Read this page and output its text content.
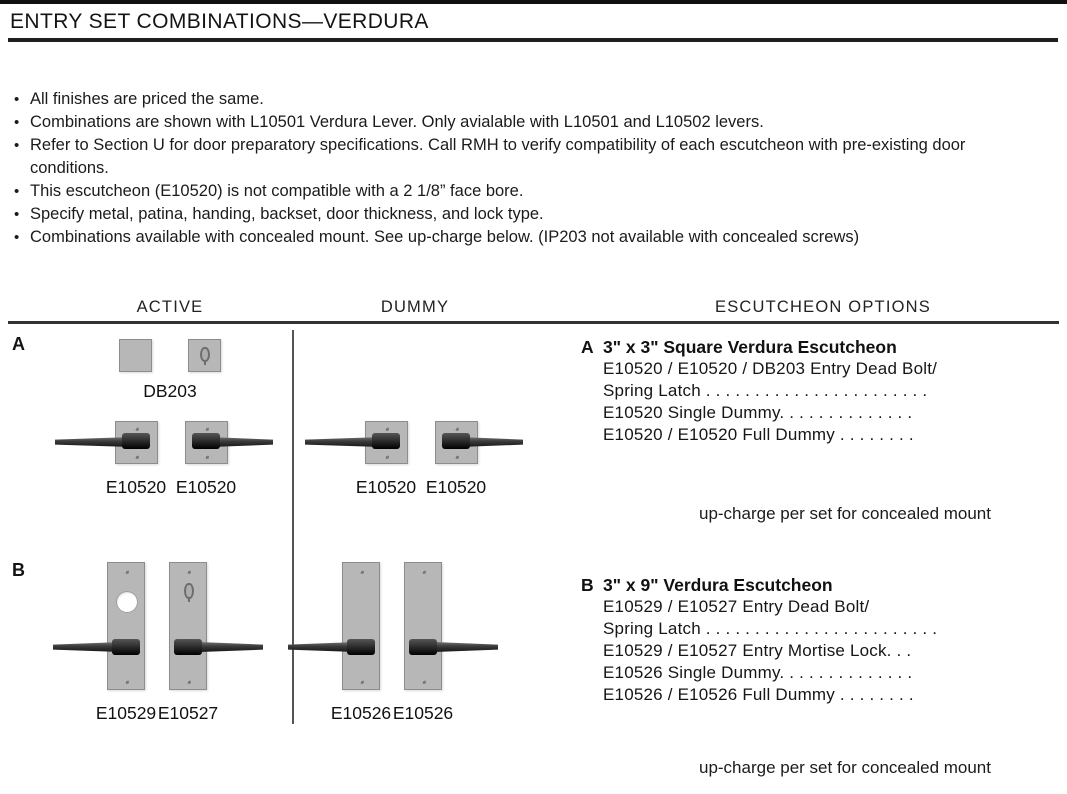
ENTRY SET COMBINATIONS—VERDURA
• All finishes are priced the same.
• Combinations are shown with L10501 Verdura Lever. Only avialable with L10501 and L10502 levers.
• Refer to Section U for door preparatory specifications. Call RMH to verify compatibility of each escutcheon with pre-existing door conditions.
• This escutcheon (E10520) is not compatible with a 2 1/8” face bore.
• Specify metal, patina, handing, backset, door thickness, and lock type.
• Combinations available with concealed mount. See up-charge below. (IP203 not available with concealed screws)
ACTIVE	DUMMY	ESCUTCHEON OPTIONS
A
DB203
E10520 E10520	E10520 E10520
A 3" x 3" Square Verdura Escutcheon
E10520 / E10520 / DB203 Entry Dead Bolt/
Spring Latch . . . . . . . . . . . . . . . . . . . . . . .
E10520 Single Dummy. . . . . . . . . . . . . .
E10520 / E10520 Full Dummy . . . . . . . .
up-charge per set for concealed mount
B
E10529 E10527	E10526 E10526
B 3" x 9" Verdura Escutcheon
E10529 / E10527 Entry Dead Bolt/
Spring Latch . . . . . . . . . . . . . . . . . . . . . . . .
E10529 / E10527 Entry Mortise Lock. . .
E10526 Single Dummy. . . . . . . . . . . . . .
E10526 / E10526 Full Dummy . . . . . . . .
up-charge per set for concealed mount
